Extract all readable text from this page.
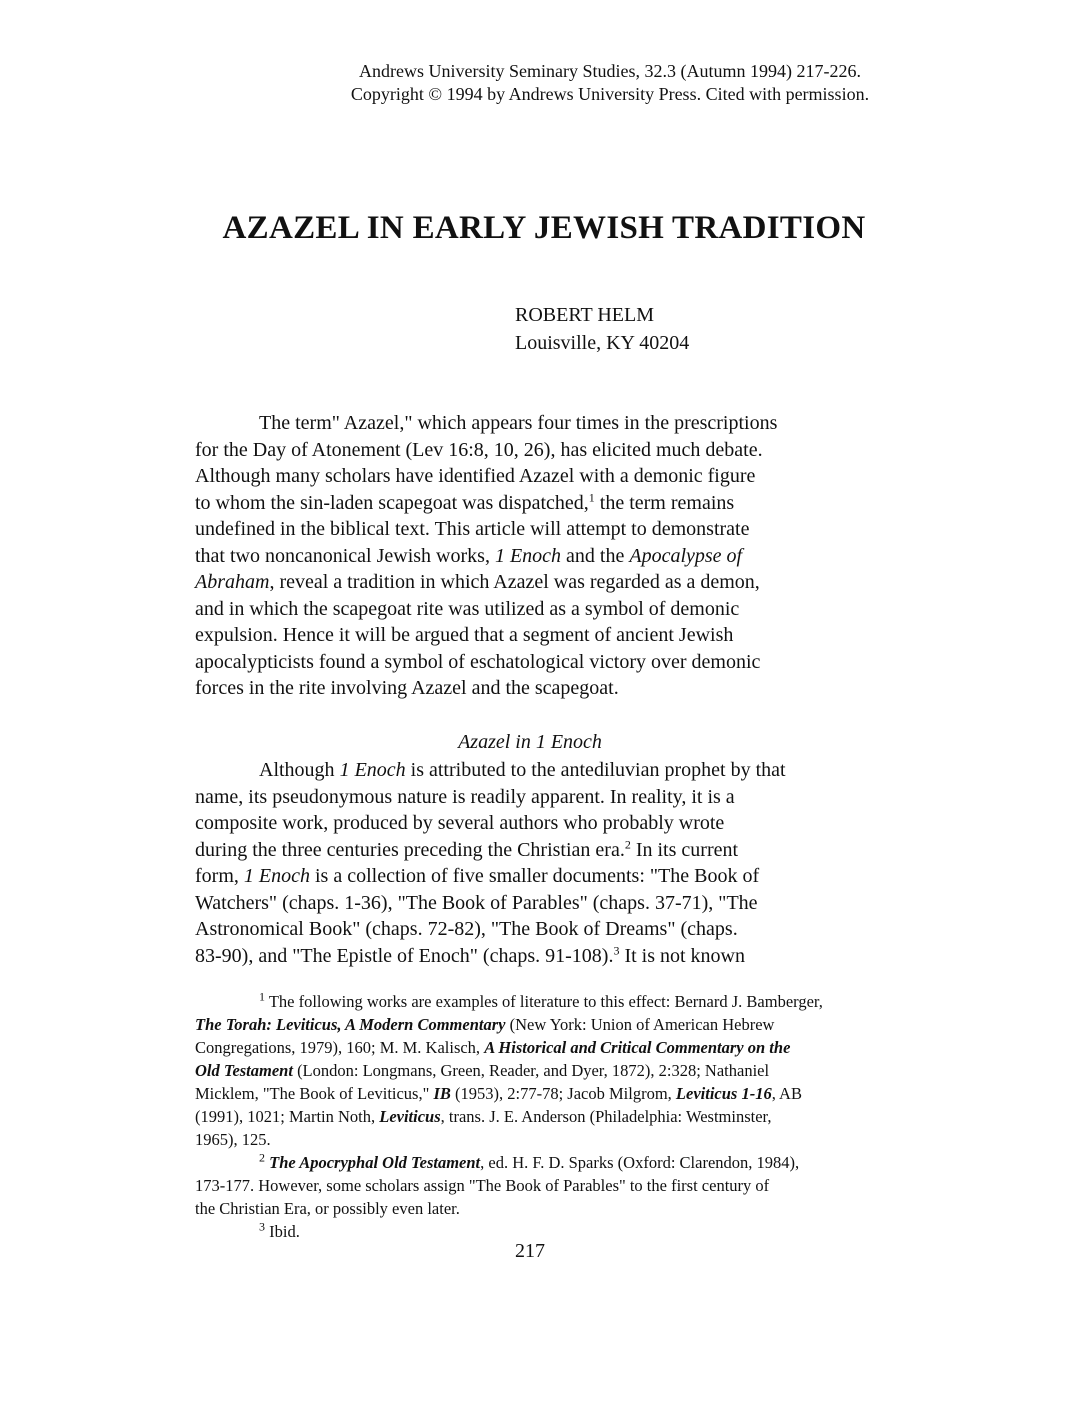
Andrews University Seminary Studies, 32.3 (Autumn 1994) 217-226.
Copyright © 1994 by Andrews University Press. Cited with permission.
AZAZEL IN EARLY JEWISH TRADITION
ROBERT HELM
Louisville, KY 40204
The term" Azazel," which appears four times in the prescriptions
for the Day of Atonement (Lev 16:8, 10, 26), has elicited much debate.
Although many scholars have identified Azazel with a demonic figure
to whom the sin-laden scapegoat was dispatched,$^1$ the term remains
undefined in the biblical text. This article will attempt to demonstrate
that two noncanonical Jewish works, 1 Enoch and the Apocalypse of
Abraham, reveal a tradition in which Azazel was regarded as a demon,
and in which the scapegoat rite was utilized as a symbol of demonic
expulsion. Hence it will be argued that a segment of ancient Jewish
apocalypticists found a symbol of eschatological victory over demonic
forces in the rite involving Azazel and the scapegoat.
Azazel in 1 Enoch
Although 1 Enoch is attributed to the antediluvian prophet by that
name, its pseudonymous nature is readily apparent. In reality, it is a
composite work, produced by several authors who probably wrote
during the three centuries preceding the Christian era.$^2$ In its current
form, 1 Enoch is a collection of five smaller documents: "The Book of
Watchers" (chaps. 1-36), "The Book of Parables" (chaps. 37-71), "The
Astronomical Book" (chaps. 72-82), "The Book of Dreams" (chaps.
83-90), and "The Epistle of Enoch" (chaps. 91-108).$^3$ It is not known
$^1$ The following works are examples of literature to this effect: Bernard J. Bamberger,
The Torah: Leviticus, A Modern Commentary (New York: Union of American Hebrew
Congregations, 1979), 160; M. M. Kalisch, A Historical and Critical Commentary on the
Old Testament (London: Longmans, Green, Reader, and Dyer, 1872), 2:328; Nathaniel
Micklem, "The Book of Leviticus," IB (1953), 2:77-78; Jacob Milgrom, Leviticus 1-16, AB
(1991), 1021; Martin Noth, Leviticus, trans. J. E. Anderson (Philadelphia: Westminster,
1965), 125.
$^2$ The Apocryphal Old Testament, ed. H. F. D. Sparks (Oxford: Clarendon, 1984),
173-177. However, some scholars assign "The Book of Parables" to the first century of
the Christian Era, or possibly even later.
$^3$ Ibid.
217
